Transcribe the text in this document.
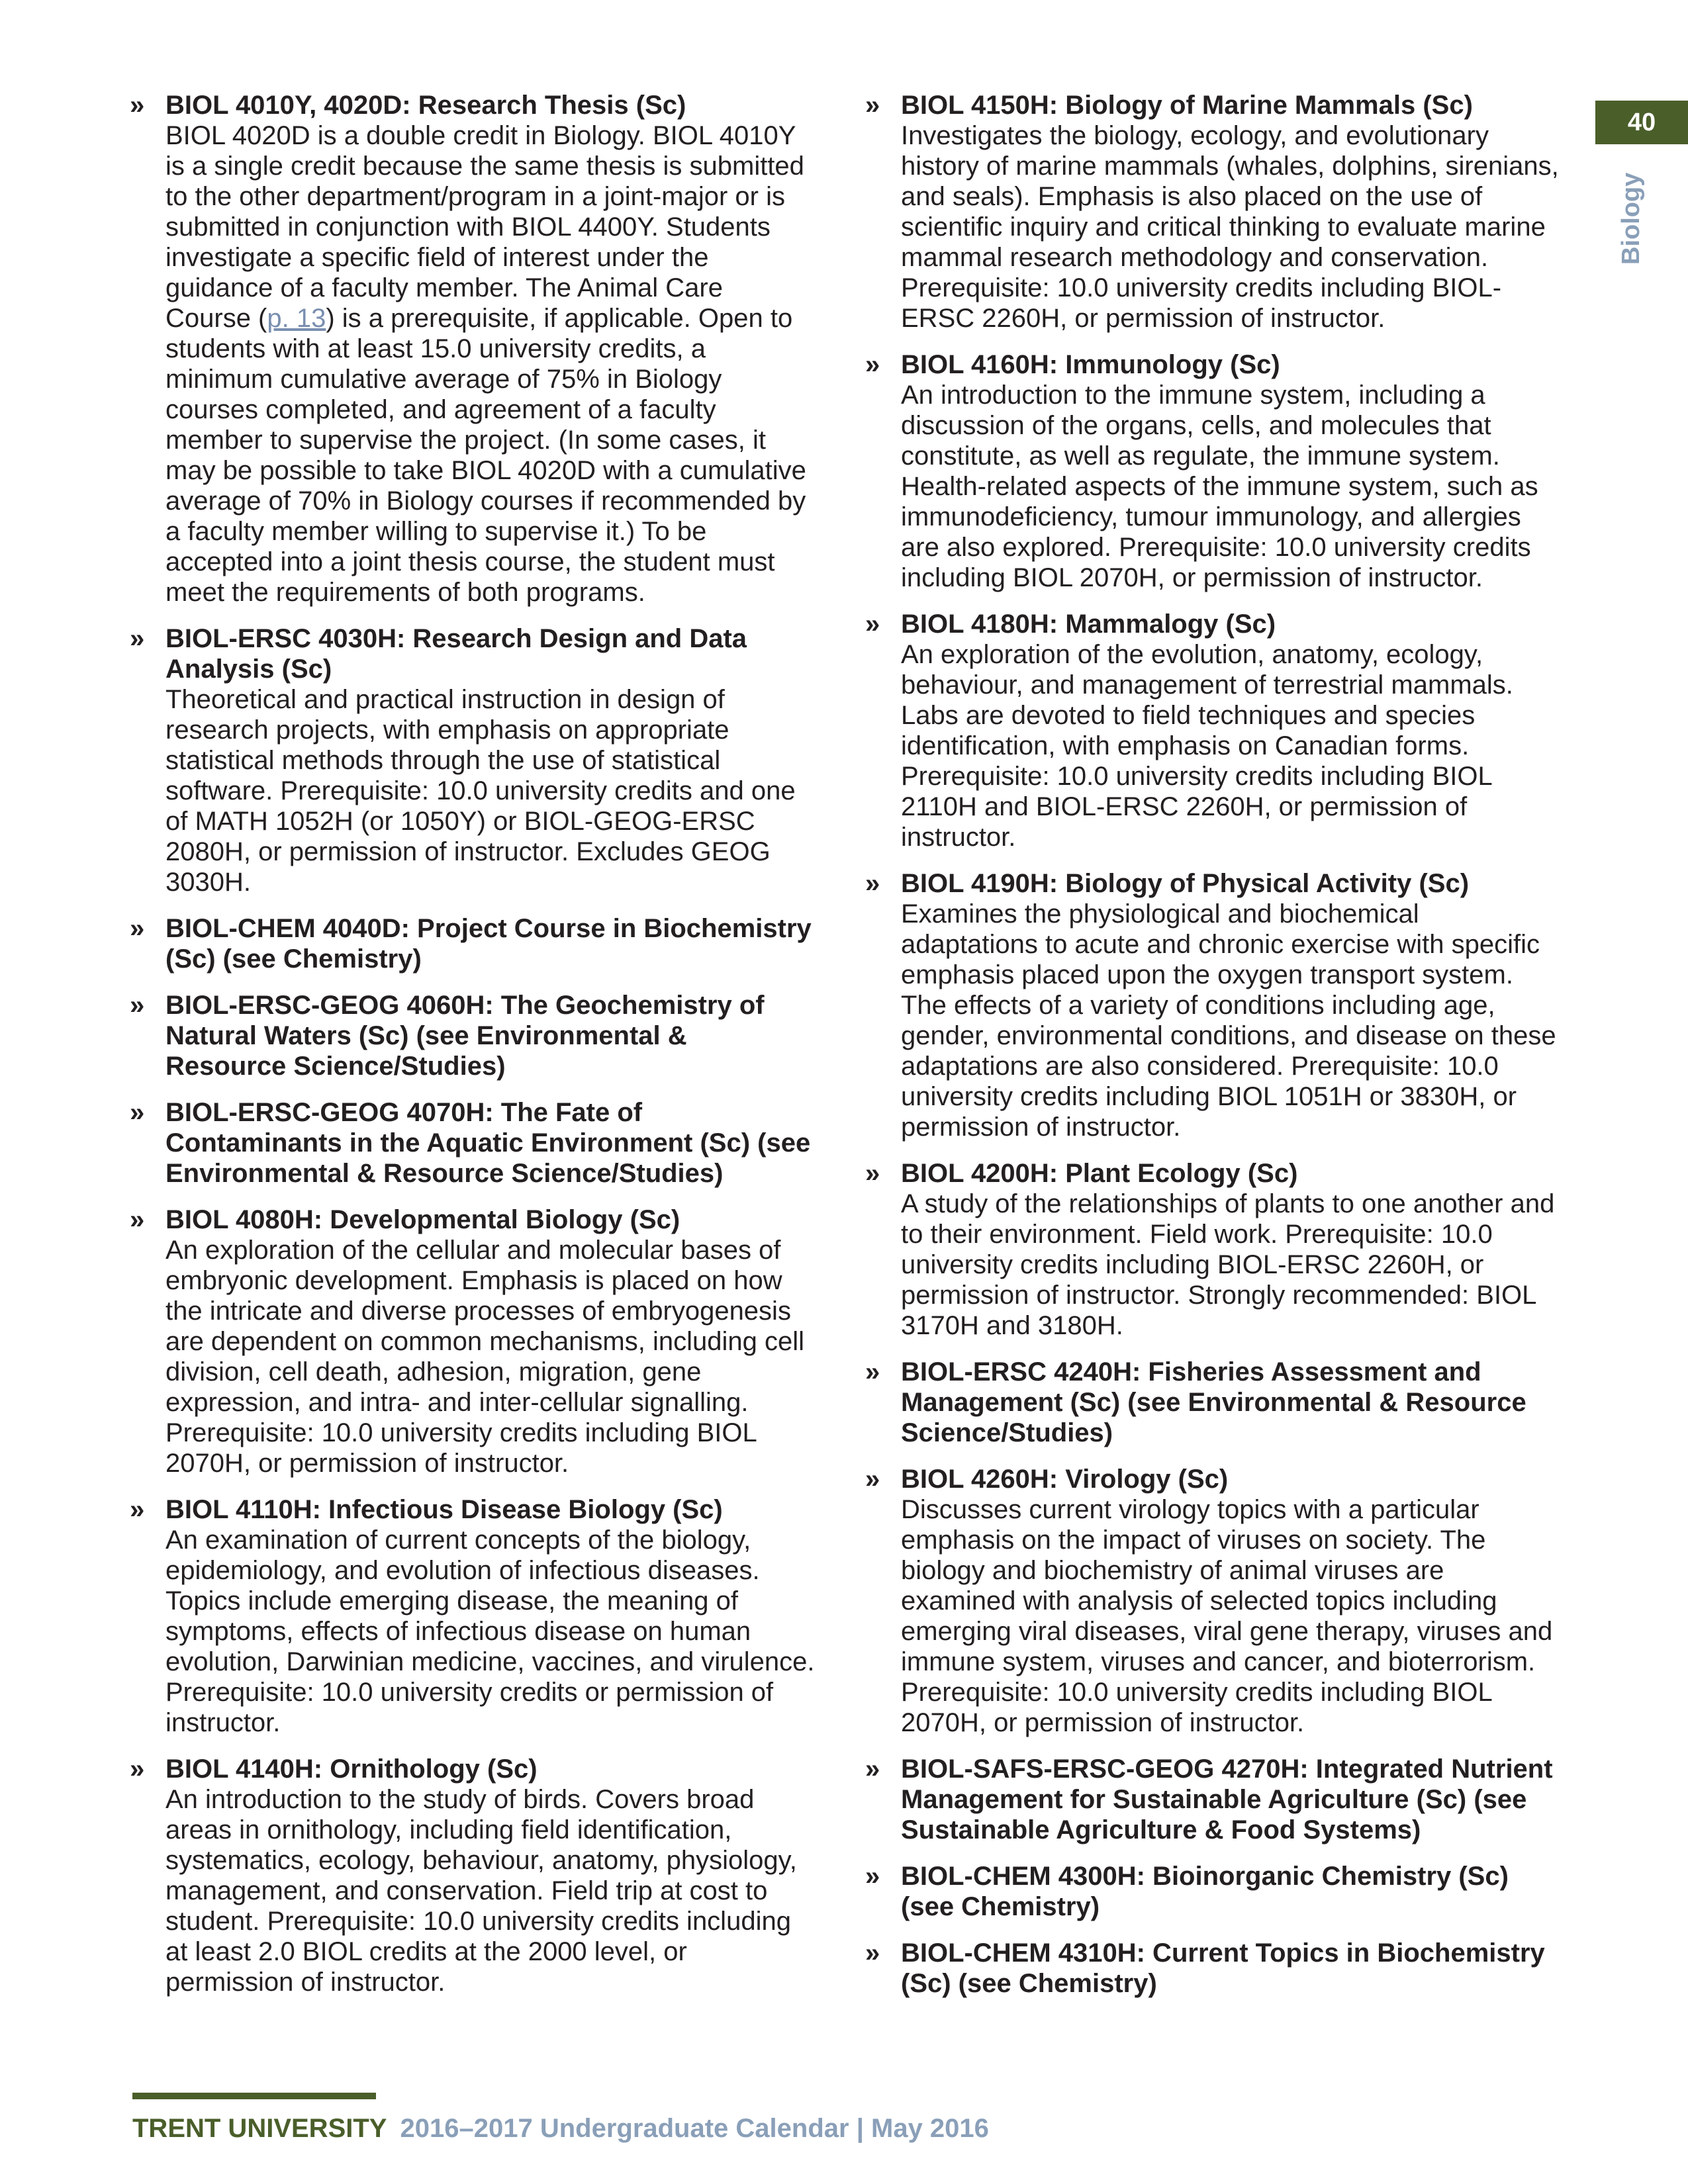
40
Biology
» BIOL 4010Y, 4020D: Research Thesis (Sc)

BIOL 4020D is a double credit in Biology. BIOL 4010Y is a single credit because the same thesis is submitted to the other department/program in a joint-major or is submitted in conjunction with BIOL 4400Y. Students investigate a specific field of interest under the guidance of a faculty member. The Animal Care Course (p. 13) is a prerequisite, if applicable. Open to students with at least 15.0 university credits, a minimum cumulative average of 75% in Biology courses completed, and agreement of a faculty member to supervise the project. (In some cases, it may be possible to take BIOL 4020D with a cumulative average of 70% in Biology courses if recommended by a faculty member willing to supervise it.) To be accepted into a joint thesis course, the student must meet the requirements of both programs.

» BIOL-ERSC 4030H: Research Design and Data Analysis (Sc)

Theoretical and practical instruction in design of research projects, with emphasis on appropriate statistical methods through the use of statistical software. Prerequisite: 10.0 university credits and one of MATH 1052H (or 1050Y) or BIOL-GEOG-ERSC 2080H, or permission of instructor. Excludes GEOG 3030H.

» BIOL-CHEM 4040D: Project Course in Biochemistry (Sc) (see Chemistry)

» BIOL-ERSC-GEOG 4060H: The Geochemistry of Natural Waters (Sc) (see Environmental & Resource Science/Studies)

» BIOL-ERSC-GEOG 4070H: The Fate of Contaminants in the Aquatic Environment (Sc) (see Environmental & Resource Science/Studies)

» BIOL 4080H: Developmental Biology (Sc)

An exploration of the cellular and molecular bases of embryonic development. Emphasis is placed on how the intricate and diverse processes of embryogenesis are dependent on common mechanisms, including cell division, cell death, adhesion, migration, gene expression, and intra- and inter-cellular signalling. Prerequisite: 10.0 university credits including BIOL 2070H, or permission of instructor.

» BIOL 4110H: Infectious Disease Biology (Sc)

An examination of current concepts of the biology, epidemiology, and evolution of infectious diseases. Topics include emerging disease, the meaning of symptoms, effects of infectious disease on human evolution, Darwinian medicine, vaccines, and virulence. Prerequisite: 10.0 university credits or permission of instructor.

» BIOL 4140H: Ornithology (Sc)

An introduction to the study of birds. Covers broad areas in ornithology, including field identification, systematics, ecology, behaviour, anatomy, physiology, management, and conservation. Field trip at cost to student. Prerequisite: 10.0 university credits including at least 2.0 BIOL credits at the 2000 level, or permission of instructor.

» BIOL 4150H: Biology of Marine Mammals (Sc)

Investigates the biology, ecology, and evolutionary history of marine mammals (whales, dolphins, sirenians, and seals). Emphasis is also placed on the use of scientific inquiry and critical thinking to evaluate marine mammal research methodology and conservation. Prerequisite: 10.0 university credits including BIOL-ERSC 2260H, or permission of instructor.

» BIOL 4160H: Immunology (Sc)

An introduction to the immune system, including a discussion of the organs, cells, and molecules that constitute, as well as regulate, the immune system. Health-related aspects of the immune system, such as immunodeficiency, tumour immunology, and allergies are also explored. Prerequisite: 10.0 university credits including BIOL 2070H, or permission of instructor.

» BIOL 4180H: Mammalogy (Sc)

An exploration of the evolution, anatomy, ecology, behaviour, and management of terrestrial mammals. Labs are devoted to field techniques and species identification, with emphasis on Canadian forms. Prerequisite: 10.0 university credits including BIOL 2110H and BIOL-ERSC 2260H, or permission of instructor.

» BIOL 4190H: Biology of Physical Activity (Sc)

Examines the physiological and biochemical adaptations to acute and chronic exercise with specific emphasis placed upon the oxygen transport system. The effects of a variety of conditions including age, gender, environmental conditions, and disease on these adaptations are also considered. Prerequisite: 10.0 university credits including BIOL 1051H or 3830H, or permission of instructor.

» BIOL 4200H: Plant Ecology (Sc)

A study of the relationships of plants to one another and to their environment. Field work. Prerequisite: 10.0 university credits including BIOL-ERSC 2260H, or permission of instructor. Strongly recommended: BIOL 3170H and 3180H.

» BIOL-ERSC 4240H: Fisheries Assessment and Management (Sc) (see Environmental & Resource Science/Studies)

» BIOL 4260H: Virology (Sc)

Discusses current virology topics with a particular emphasis on the impact of viruses on society. The biology and biochemistry of animal viruses are examined with analysis of selected topics including emerging viral diseases, viral gene therapy, viruses and immune system, viruses and cancer, and bioterrorism. Prerequisite: 10.0 university credits including BIOL 2070H, or permission of instructor.

» BIOL-SAFS-ERSC-GEOG 4270H: Integrated Nutrient Management for Sustainable Agriculture (Sc) (see Sustainable Agriculture & Food Systems)

» BIOL-CHEM 4300H: Bioinorganic Chemistry (Sc) (see Chemistry)

» BIOL-CHEM 4310H: Current Topics in Biochemistry (Sc) (see Chemistry)

TRENT UNIVERSITY 2016–2017 Undergraduate Calendar | May 2016
